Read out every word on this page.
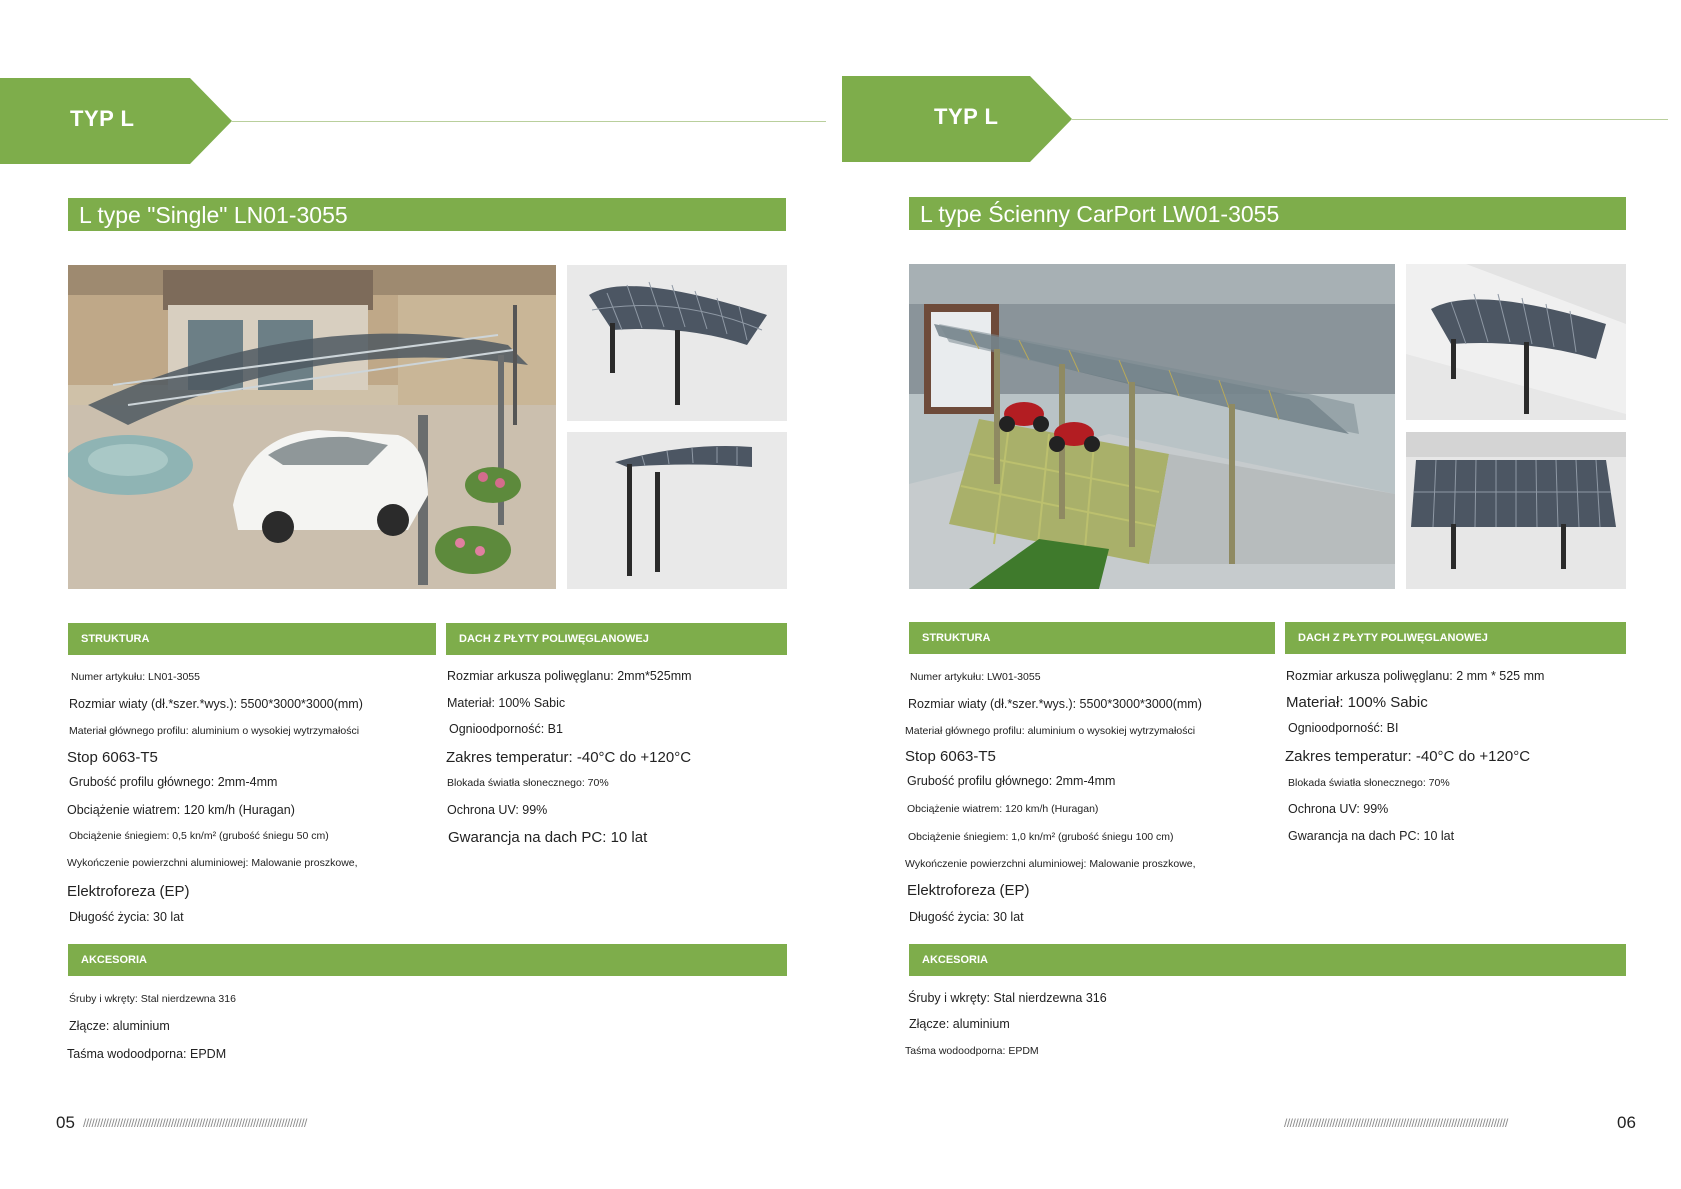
TYP L
L type "Single" LN01-3055
STRUKTURA
Numer artykułu: LN01-3055
Rozmiar wiaty (dł.*szer.*wys.): 5500*3000*3000(mm)
Materiał głównego profilu: aluminium o wysokiej wytrzymałości
Stop 6063-T5
Grubość profilu głównego: 2mm-4mm
Obciążenie wiatrem: 120 km/h (Huragan)
Obciążenie śniegiem: 0,5 kn/m² (grubość śniegu 50 cm)
Wykończenie powierzchni aluminiowej: Malowanie proszkowe,
Elektroforeza (EP)
Długość życia: 30 lat
DACH Z PŁYTY POLIWĘGLANOWEJ
Rozmiar arkusza poliwęglanu: 2mm*525mm
Materiał: 100% Sabic
Ognioodporność: B1
Zakres temperatur: -40°C do +120°C
Blokada światła słonecznego: 70%
Ochrona UV: 99%
Gwarancja na dach PC: 10 lat
AKCESORIA
Śruby i wkręty: Stal nierdzewna 316
Złącze: aluminium
Taśma wodoodporna: EPDM
05 ///////////////////////////////////////////////////////////////////////////////
TYP L
L type Ścienny CarPort LW01-3055
STRUKTURA
Numer artykułu: LW01-3055
Rozmiar wiaty (dł.*szer.*wys.): 5500*3000*3000(mm)
Materiał głównego profilu: aluminium o wysokiej wytrzymałości
Stop 6063-T5
Grubość profilu głównego: 2mm-4mm
Obciążenie wiatrem: 120 km/h (Huragan)
Obciążenie śniegiem: 1,0 kn/m² (grubość śniegu 100 cm)
Wykończenie powierzchni aluminiowej: Malowanie proszkowe,
Elektroforeza (EP)
Długość życia: 30 lat
DACH Z PŁYTY POLIWĘGLANOWEJ
Rozmiar arkusza poliwęglanu: 2 mm * 525 mm
Materiał: 100% Sabic
Ognioodporność: BI
Zakres temperatur: -40°C do +120°C
Blokada światła słonecznego: 70%
Ochrona UV: 99%
Gwarancja na dach PC: 10 lat
AKCESORIA
Śruby i wkręty: Stal nierdzewna 316
Złącze: aluminium
Taśma wodoodporna: EPDM
///////////////////////////////////////////////////////////////////////////////	06
